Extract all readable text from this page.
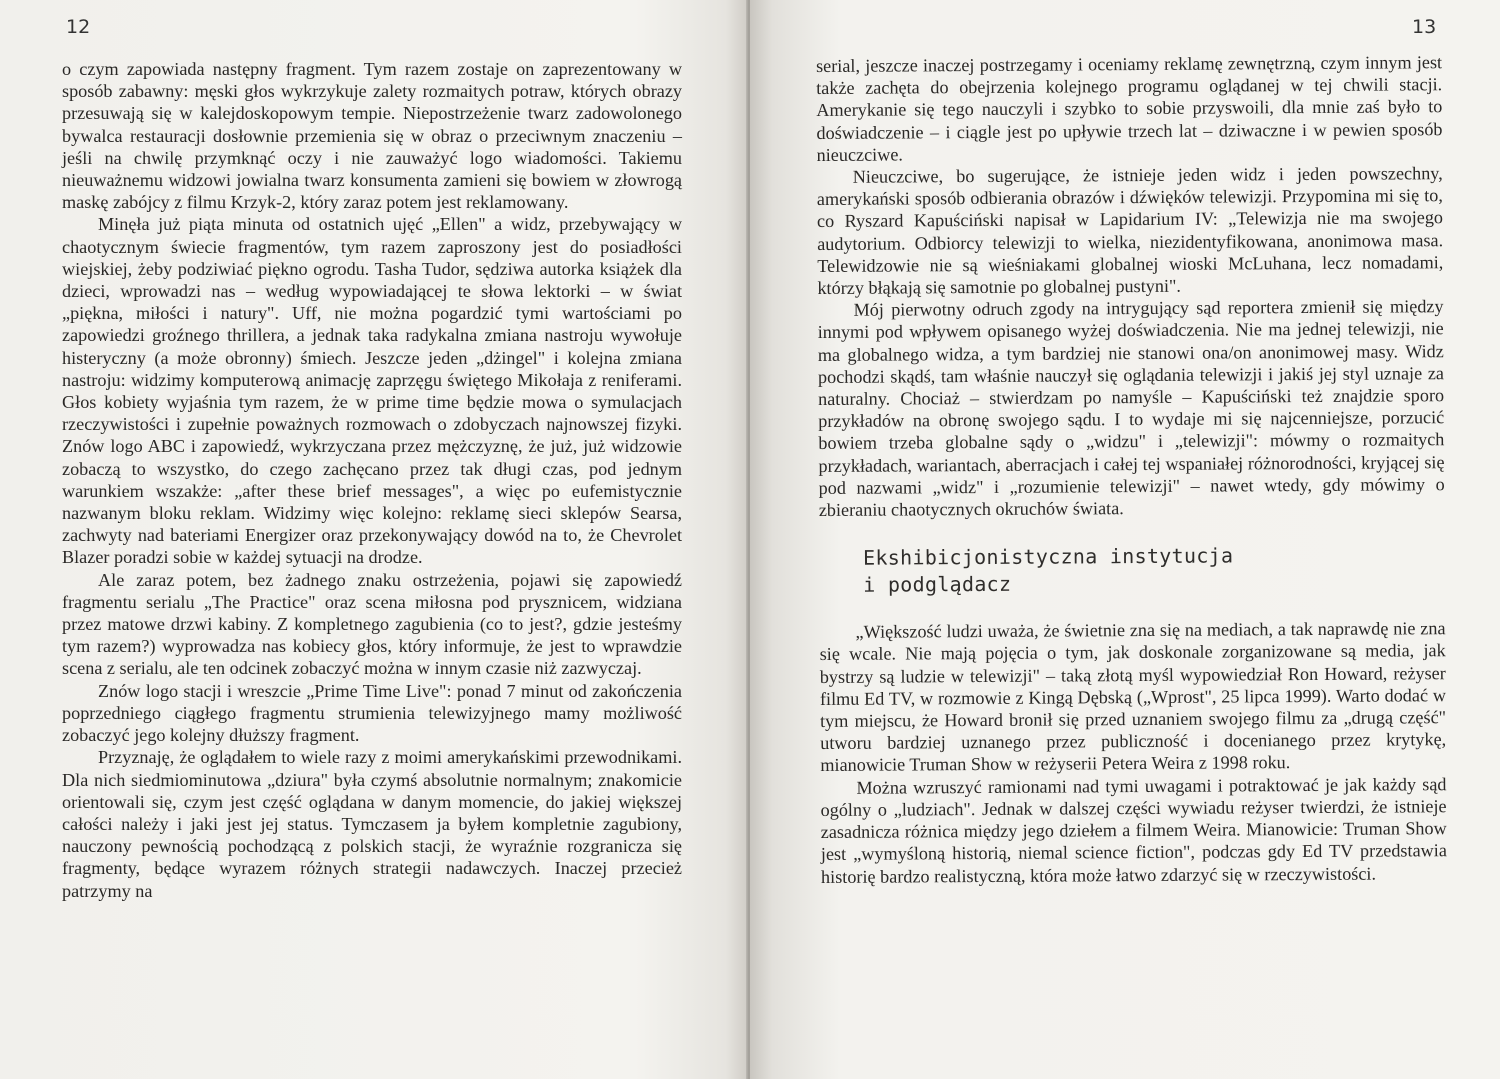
12

o czym zapowiada następny fragment. Tym razem zostaje on zaprezentowany w sposób zabawny: męski głos wykrzykuje zalety rozmaitych potraw, których obrazy przesuwają się w kalejdoskopowym tempie. Niepostrzeżenie twarz zadowolonego bywalca restauracji dosłownie przemienia się w obraz o przeciwnym znaczeniu – jeśli na chwilę przymknąć oczy i nie zauważyć logo wiadomości. Takiemu nieuważnemu widzowi jowialna twarz konsumenta zamieni się bowiem w złowrogą maskę zabójcy z filmu Krzyk-2, który zaraz potem jest reklamowany.

Minęła już piąta minuta od ostatnich ujęć „Ellen" a widz, przebywający w chaotycznym świecie fragmentów, tym razem zaproszony jest do posiadłości wiejskiej, żeby podziwiać piękno ogrodu. Tasha Tudor, sędziwa autorka książek dla dzieci, wprowadzi nas – według wypowiadającej te słowa lektorki – w świat „piękna, miłości i natury". Uff, nie można pogardzić tymi wartościami po zapowiedzi groźnego thrillera, a jednak taka radykalna zmiana nastroju wywołuje histeryczny (a może obronny) śmiech. Jeszcze jeden „dżingel" i kolejna zmiana nastroju: widzimy komputerową animację zaprzęgu świętego Mikołaja z reniferami. Głos kobiety wyjaśnia tym razem, że w prime time będzie mowa o symulacjach rzeczywistości i zupełnie poważnych rozmowach o zdobyczach najnowszej fizyki. Znów logo ABC i zapowiedź, wykrzyczana przez mężczyznę, że już, już widzowie zobaczą to wszystko, do czego zachęcano przez tak długi czas, pod jednym warunkiem wszakże: „after these brief messages", a więc po eufemistycznie nazwanym bloku reklam. Widzimy więc kolejno: reklamę sieci sklepów Searsa, zachwyty nad bateriami Energizer oraz przekonywający dowód na to, że Chevrolet Blazer poradzi sobie w każdej sytuacji na drodze.

Ale zaraz potem, bez żadnego znaku ostrzeżenia, pojawi się zapowiedź fragmentu serialu „The Practice" oraz scena miłosna pod prysznicem, widziana przez matowe drzwi kabiny. Z kompletnego zagubienia (co to jest?, gdzie jesteśmy tym razem?) wyprowadza nas kobiecy głos, który informuje, że jest to wprawdzie scena z serialu, ale ten odcinek zobaczyć można w innym czasie niż zazwyczaj.

Znów logo stacji i wreszcie „Prime Time Live": ponad 7 minut od zakończenia poprzedniego ciągłego fragmentu strumienia telewizyjnego mamy możliwość zobaczyć jego kolejny dłuższy fragment.

Przyznaję, że oglądałem to wiele razy z moimi amerykańskimi przewodnikami. Dla nich siedmiominutowa „dziura" była czymś absolutnie normalnym; znakomicie orientowali się, czym jest część oglądana w danym momencie, do jakiej większej całości należy i jaki jest jej status. Tymczasem ja byłem kompletnie zagubiony, nauczony pewnością pochodzącą z polskich stacji, że wyraźnie rozgranicza się fragmenty, będące wyrazem różnych strategii nadawczych. Inaczej przecież patrzymy na

13

serial, jeszcze inaczej postrzegamy i oceniamy reklamę zewnętrzną, czym innym jest także zachęta do obejrzenia kolejnego programu oglądanej w tej chwili stacji. Amerykanie się tego nauczyli i szybko to sobie przyswoili, dla mnie zaś było to doświadczenie – i ciągle jest po upływie trzech lat – dziwaczne i w pewien sposób nieuczciwe.

Nieuczciwe, bo sugerujące, że istnieje jeden widz i jeden powszechny, amerykański sposób odbierania obrazów i dźwięków telewizji. Przypomina mi się to, co Ryszard Kapuściński napisał w Lapidarium IV: „Telewizja nie ma swojego audytorium. Odbiorcy telewizji to wielka, niezidentyfikowana, anonimowa masa. Telewidzowie nie są wieśniakami globalnej wioski McLuhana, lecz nomadami, którzy błąkają się samotnie po globalnej pustyni".

Mój pierwotny odruch zgody na intrygujący sąd reportera zmienił się między innymi pod wpływem opisanego wyżej doświadczenia. Nie ma jednej telewizji, nie ma globalnego widza, a tym bardziej nie stanowi ona/on anonimowej masy. Widz pochodzi skądś, tam właśnie nauczył się oglądania telewizji i jakiś jej styl uznaje za naturalny. Chociaż – stwierdzam po namyśle – Kapuściński też znajdzie sporo przykładów na obronę swojego sądu. I to wydaje mi się najcenniejsze, porzucić bowiem trzeba globalne sądy o „widzu" i „telewizji": mówmy o rozmaitych przykładach, wariantach, aberracjach i całej tej wspaniałej różnorodności, kryjącej się pod nazwami „widz" i „rozumienie telewizji" – nawet wtedy, gdy mówimy o zbieraniu chaotycznych okruchów świata.

Ekshibicjonistyczna instytucja
i podglądacz

„Większość ludzi uważa, że świetnie zna się na mediach, a tak naprawdę nie zna się wcale. Nie mają pojęcia o tym, jak doskonale zorganizowane są media, jak bystrzy są ludzie w telewizji" – taką złotą myśl wypowiedział Ron Howard, reżyser filmu Ed TV, w rozmowie z Kingą Dębską („Wprost", 25 lipca 1999). Warto dodać w tym miejscu, że Howard bronił się przed uznaniem swojego filmu za „drugą część" utworu bardziej uznanego przez publiczność i docenianego przez krytykę, mianowicie Truman Show w reżyserii Petera Weira z 1998 roku.

Można wzruszyć ramionami nad tymi uwagami i potraktować je jak każdy sąd ogólny o „ludziach". Jednak w dalszej części wywiadu reżyser twierdzi, że istnieje zasadnicza różnica między jego dziełem a filmem Weira. Mianowicie: Truman Show jest „wymyśloną historią, niemal science fiction", podczas gdy Ed TV przedstawia historię bardzo realistyczną, która może łatwo zdarzyć się w rzeczywistości.
